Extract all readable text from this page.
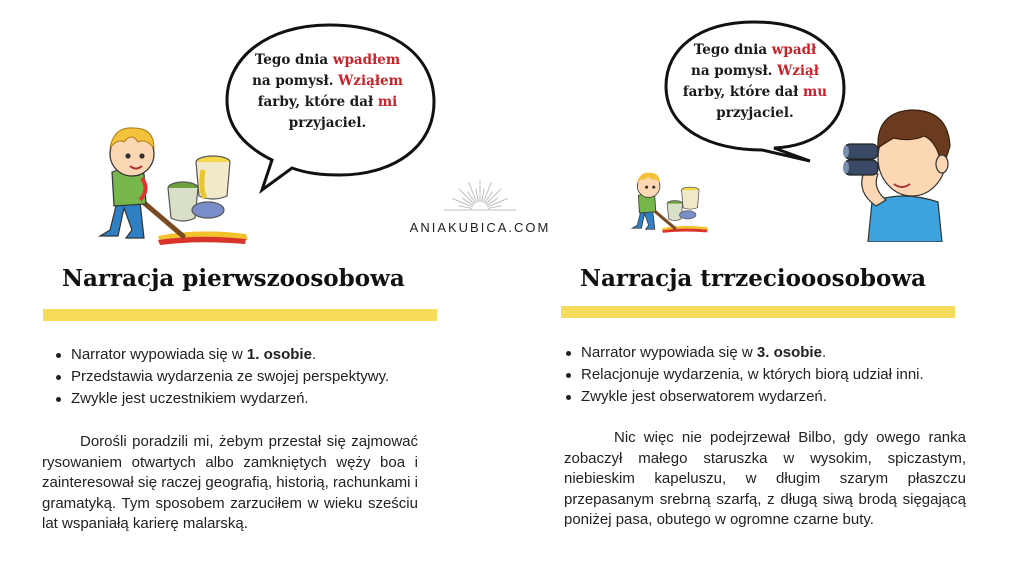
Tego dnia wpadłem
na pomysł. Wziąłem
farby, które dał mi
przyjaciel.
ANIAKUBICA.COM
Narracja pierwszoosobowa
Narrator wypowiada się w 1. osobie.
Przedstawia wydarzenia ze swojej perspektywy.
Zwykle jest uczestnikiem wydarzeń.

Dorośli poradzili mi, żebym przestał się zajmować rysowaniem otwartych albo zamkniętych węży boa i zainteresował się raczej geografią, historią, rachunkami i gramatyką. Tym sposobem zarzuciłem w wieku sześciu lat wspaniałą karierę malarską.

Tego dnia wpadł
na pomysł. Wziął
farby, które dał mu
przyjaciel.
Narracja trrzeciooosobowa
Narrator wypowiada się w 3. osobie.
Relacjonuje wydarzenia, w których biorą udział inni.
Zwykle jest obserwatorem wydarzeń.

Nic więc nie podejrzewał Bilbo, gdy owego ranka zobaczył małego staruszka w wysokim, spiczastym, niebieskim kapeluszu, w długim szarym płaszczu przepasanym srebrną szarfą, z długą siwą brodą sięgającą poniżej pasa, obutego w ogromne czarne buty.
